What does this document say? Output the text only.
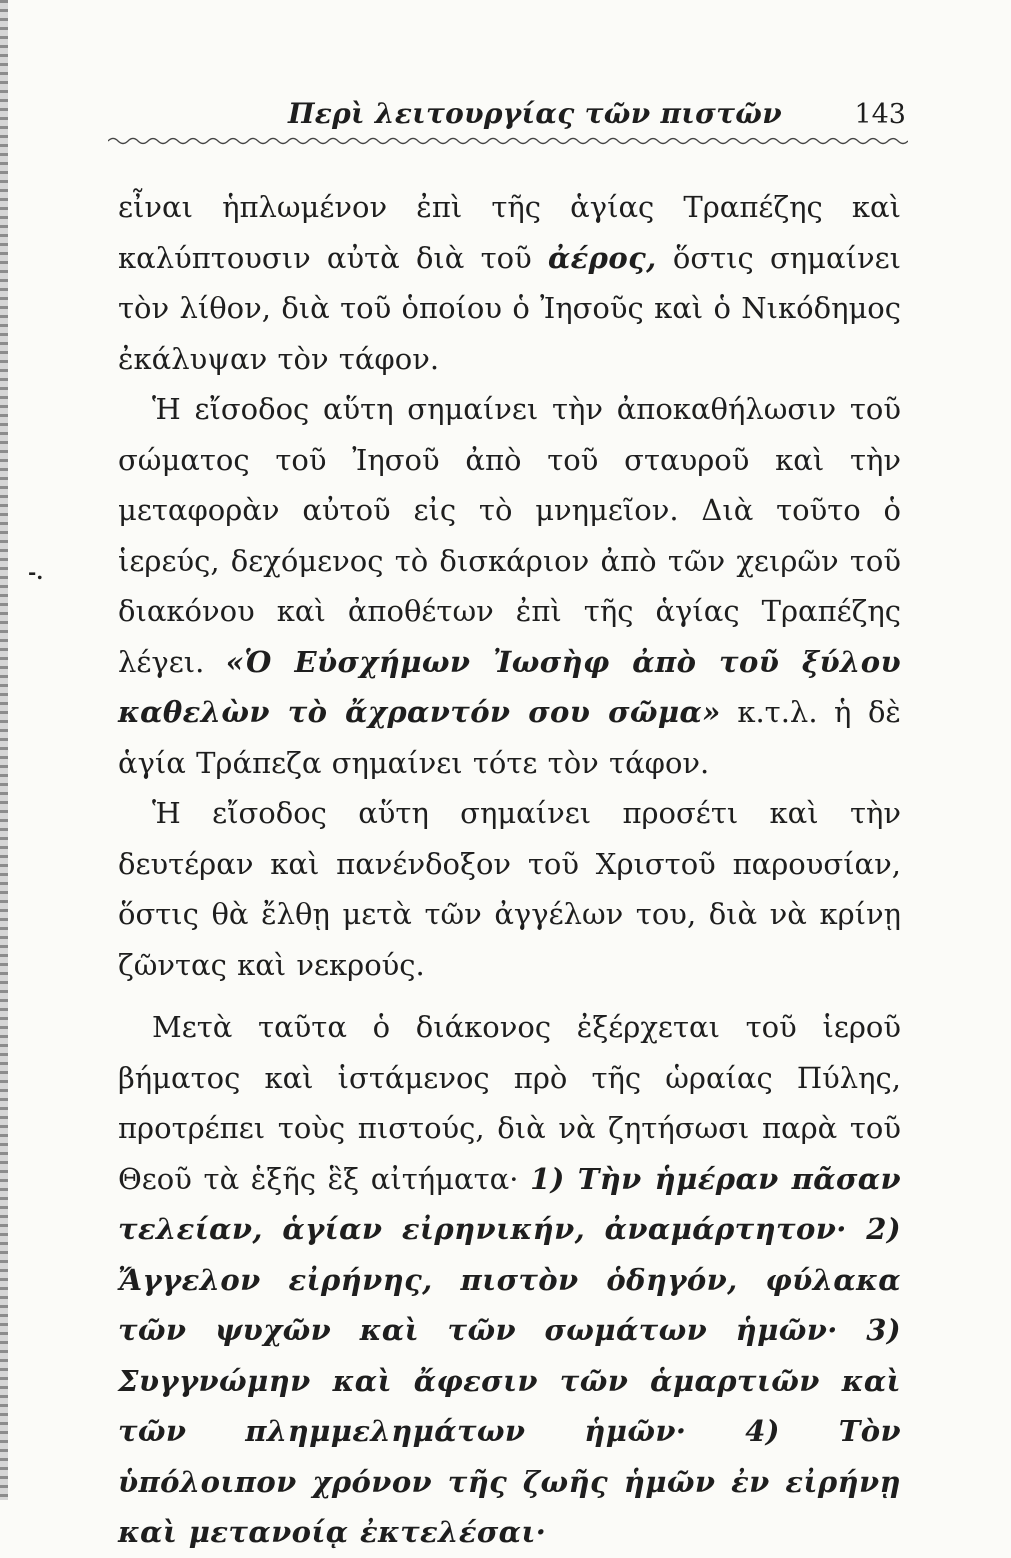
Περὶ λειτουργίας τῶν πιστῶν	143
-.

εἶναι ἡπλωμένον ἐπὶ τῆς ἁγίας Τραπέζης καὶ καλύπτουσιν αὐτὰ διὰ τοῦ ἀέρος, ὅστις σημαίνει τὸν λίθον, διὰ τοῦ ὁποίου ὁ Ἰησοῦς καὶ ὁ Νικόδημος ἐκάλυψαν τὸν τάφον.

Ἡ εἴσοδος αὕτη σημαίνει τὴν ἀποκαθήλωσιν τοῦ σώματος τοῦ Ἰησοῦ ἀπὸ τοῦ σταυροῦ καὶ τὴν μεταφορὰν αὐτοῦ εἰς τὸ μνημεῖον. Διὰ τοῦτο ὁ ἱερεύς, δεχόμενος τὸ δισκάριον ἀπὸ τῶν χειρῶν τοῦ διακόνου καὶ ἀποθέτων ἐπὶ τῆς ἁγίας Τραπέζης λέγει. «Ὁ Εὐσχήμων Ἰωσὴφ ἀπὸ τοῦ ξύλου καθελὼν τὸ ἄχραντόν σου σῶμα» κ.τ.λ. ἡ δὲ ἁγία Τράπεζα σημαίνει τότε τὸν τάφον.

Ἡ εἴσοδος αὕτη σημαίνει προσέτι καὶ τὴν δευτέραν καὶ πανένδοξον τοῦ Χριστοῦ παρουσίαν, ὅστις θὰ ἔλθῃ μετὰ τῶν ἀγγέλων του, διὰ νὰ κρίνῃ ζῶντας καὶ νεκρούς.

Μετὰ ταῦτα ὁ διάκονος ἐξέρχεται τοῦ ἱεροῦ βήματος καὶ ἱστάμενος πρὸ τῆς ὡραίας Πύλης, προτρέπει τοὺς πιστούς, διὰ νὰ ζητήσωσι παρὰ τοῦ Θεοῦ τὰ ἑξῆς ἓξ αἰτήματα· 1) Τὴν ἡμέραν πᾶσαν τελείαν, ἁγίαν εἰρηνικήν, ἀναμάρτητον· 2) Ἄγγελον εἰρήνης, πιστὸν ὁδηγόν, φύλακα τῶν ψυχῶν καὶ τῶν σωμάτων ἡμῶν· 3) Συγγνώμην καὶ ἄφεσιν τῶν ἁμαρτιῶν καὶ τῶν πλημμελημάτων ἡμῶν· 4) Τὸν ὑπόλοιπον χρόνον τῆς ζωῆς ἡμῶν ἐν εἰρήνῃ καὶ μετανοίᾳ ἐκτελέσαι·
